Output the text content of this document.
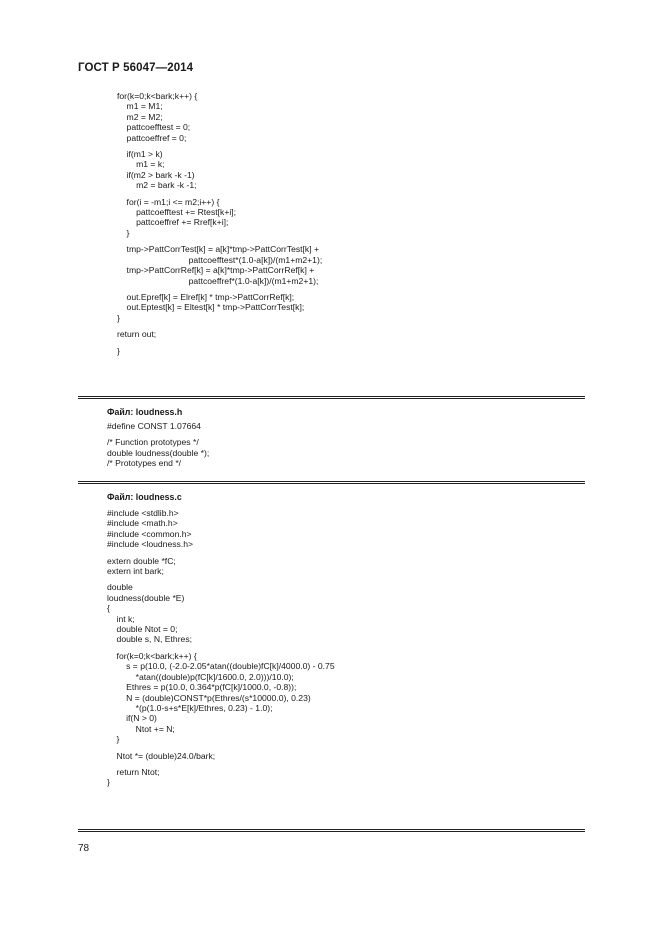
ГОСТ Р 56047—2014
for(k=0;k<bark;k++) {
m1 = M1;
m2 = M2;
pattcoefftest = 0;
pattcoeffref = 0;

if(m1 > k)
m1 = k;
if(m2 > bark -k -1)
m2 = bark -k -1;

for(i = -m1;i <= m2;i++) {
pattcoefftest += Rtest[k+i];
pattcoeffref += Rref[k+i];
}

tmp->PattCorrTest[k] = a[k]*tmp->PattCorrTest[k] +
pattcoefftest*(1.0-a[k])/(m1+m2+1);
tmp->PattCorrRef[k] = a[k]*tmp->PattCorrRef[k] +
pattcoeffref*(1.0-a[k])/(m1+m2+1);

out.Epref[k] = Elref[k] * tmp->PattCorrRef[k];
out.Eptest[k] = Eltest[k] * tmp->PattCorrTest[k];
}

return out;

}
Файл: loudness.h
#define CONST 1.07664

/* Function prototypes */
double loudness(double *);
/* Prototypes end */
Файл: loudness.c
#include <stdlib.h>
#include <math.h>
#include <common.h>
#include <loudness.h>

extern double *fC;
extern int bark;

double
loudness(double *E)
{
int k;
double Ntot = 0;
double s, N, Ethres;

for(k=0;k<bark;k++) {
s = p(10.0, (-2.0-2.05*atan((double)fC[k]/4000.0) - 0.75
*atan((double)p(fC[k]/1600.0, 2.0)))/10.0);
Ethres = p(10.0, 0.364*p(fC[k]/1000.0, -0.8));
N = (double)CONST*p(Ethres/(s*10000.0), 0.23)
*(p(1.0-s+s*E[k]/Ethres, 0.23) - 1.0);
if(N > 0)
Ntot += N;
}

Ntot *= (double)24.0/bark;

return Ntot;
}
78
